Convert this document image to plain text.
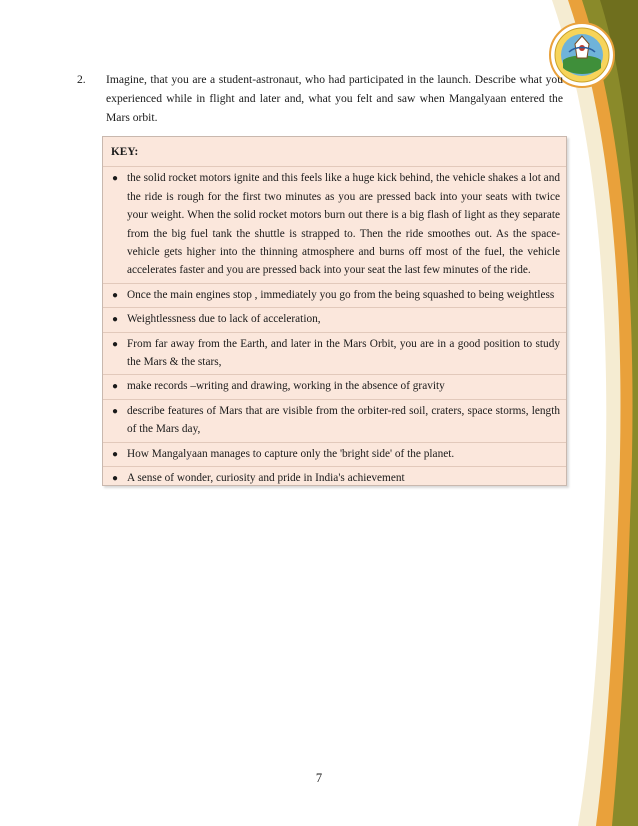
2. Imagine, that you are a student-astronaut, who had participated in the launch. Describe what you experienced while in flight and later and, what you felt and saw when Mangalyaan entered the Mars orbit.
KEY:
● the solid rocket motors ignite and this feels like a huge kick behind, the vehicle shakes a lot and the ride is rough for the first two minutes as you are pressed back into your seats with twice your weight. When the solid rocket motors burn out there is a big flash of light as they separate from the big fuel tank the shuttle is strapped to. Then the ride smoothes out. As the space-vehicle gets higher into the thinning atmosphere and burns off most of the fuel, the vehicle accelerates faster and you are pressed back into your seat the last few minutes of the ride.
● Once the main engines stop , immediately you go from the being squashed to being weightless
● Weightlessness due to lack of acceleration,
● From far away from the Earth, and later in the Mars Orbit, you are in a good position to study the Mars & the stars,
● make records –writing and drawing, working in the absence of gravity
● describe features of Mars that are visible from the orbiter-red soil, craters, space storms, length of the Mars day,
● How Mangalyaan manages to capture only the 'bright side' of the planet.
● A sense of wonder, curiosity and pride in India's achievement
7
